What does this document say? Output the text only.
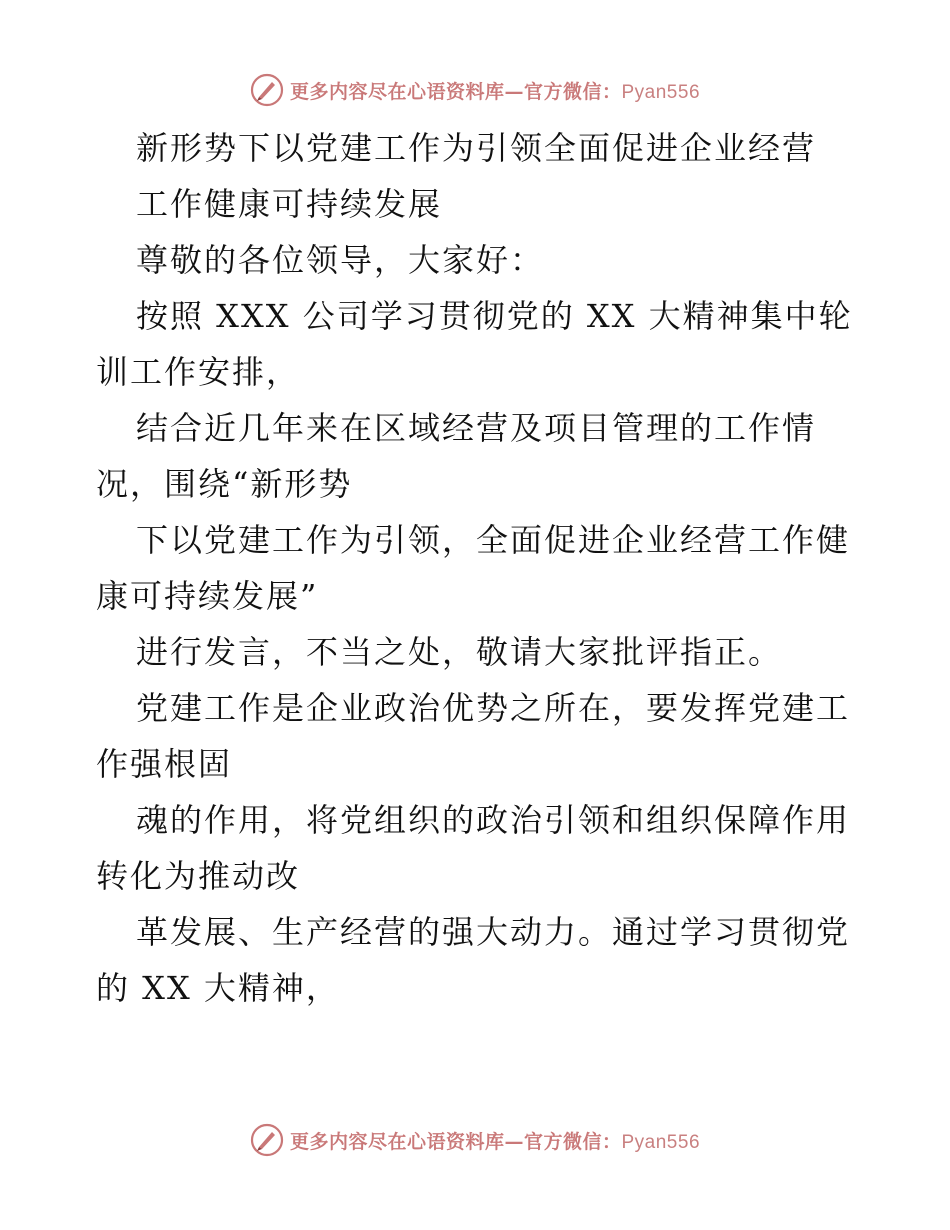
更多内容尽在心语资料库—官方微信：Pyan556
新形势下以党建工作为引领全面促进企业经营
工作健康可持续发展
尊敬的各位领导，大家好：
按照 XXX 公司学习贯彻党的 XX 大精神集中轮
训工作安排，
结合近几年来在区域经营及项目管理的工作情
况，围绕“新形势
下以党建工作为引领，全面促进企业经营工作健
康可持续发展”
进行发言，不当之处，敬请大家批评指正。
党建工作是企业政治优势之所在，要发挥党建工
作强根固
魂的作用，将党组织的政治引领和组织保障作用
转化为推动改
革发展、生产经营的强大动力。通过学习贯彻党
的 XX 大精神，
更多内容尽在心语资料库—官方微信：Pyan556
